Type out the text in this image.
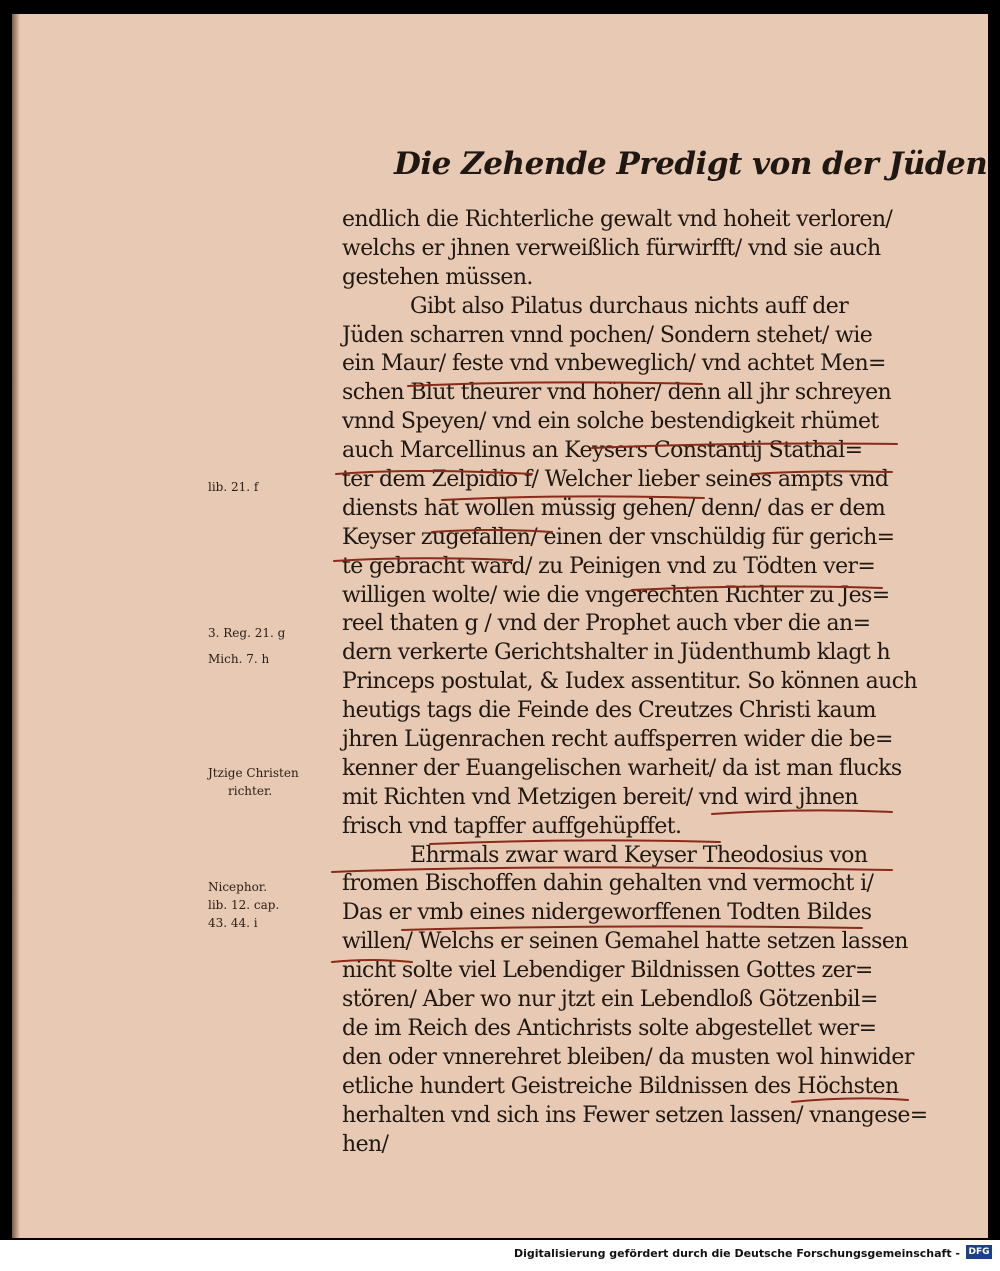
Die Zehende Predigt von der Jüden
endlich die Richterliche gewalt vnd hoheit verloren/
welchs er jhnen verweißlich fürwirfft/ vnd sie auch
gestehen müssen.
Gibt also Pilatus durchaus nichts auff der
Jüden scharren vnnd pochen/ Sondern stehet/ wie
ein Maur/ feste vnd vnbeweglich/ vnd achtet Men=
schen Blut theurer vnd höher/ denn all jhr schreyen
vnnd Speyen/ vnd ein solche bestendigkeit rhümet
auch Marcellinus an Keysers Constantij Stathal=
ter dem Zelpidio f/ Welcher lieber seines ampts vnd
diensts hat wollen müssig gehen/ denn/ das er dem
Keyser zugefallen/ einen der vnschüldig für gerich=
te gebracht ward/ zu Peinigen vnd zu Tödten ver=
willigen wolte/ wie die vngerechten Richter zu Jes=
reel thaten g / vnd der Prophet auch vber die an=
dern verkerte Gerichtshalter in Jüdenthumb klagt h
Princeps postulat, & Iudex assentitur. So können auch
heutigs tags die Feinde des Creutzes Christi kaum
jhren Lügenrachen recht auffsperren wider die be=
kenner der Euangelischen warheit/ da ist man flucks
mit Richten vnd Metzigen bereit/ vnd wird jhnen
frisch vnd tapffer auffgehüpffet.
Ehrmals zwar ward Keyser Theodosius von
fromen Bischoffen dahin gehalten vnd vermocht i/
Das er vmb eines nidergeworffenen Todten Bildes
willen/ Welchs er seinen Gemahel hatte setzen lassen
nicht solte viel Lebendiger Bildnissen Gottes zer=
stören/ Aber wo nur jtzt ein Lebendloß Götzenbil=
de im Reich des Antichrists solte abgestellet wer=
den oder vnnerehret bleiben/ da musten wol hinwider
etliche hundert Geistreiche Bildnissen des Höchsten
herhalten vnd sich ins Fewer setzen lassen/ vnangese=
hen/
lib. 21. f
3. Reg. 21. g
Mich. 7. h
Jtzige Christen
richter.
Nicephor.
lib. 12. cap.
43. 44. i
Digitalisierung gefördert durch die Deutsche Forschungsgemeinschaft - DFG
